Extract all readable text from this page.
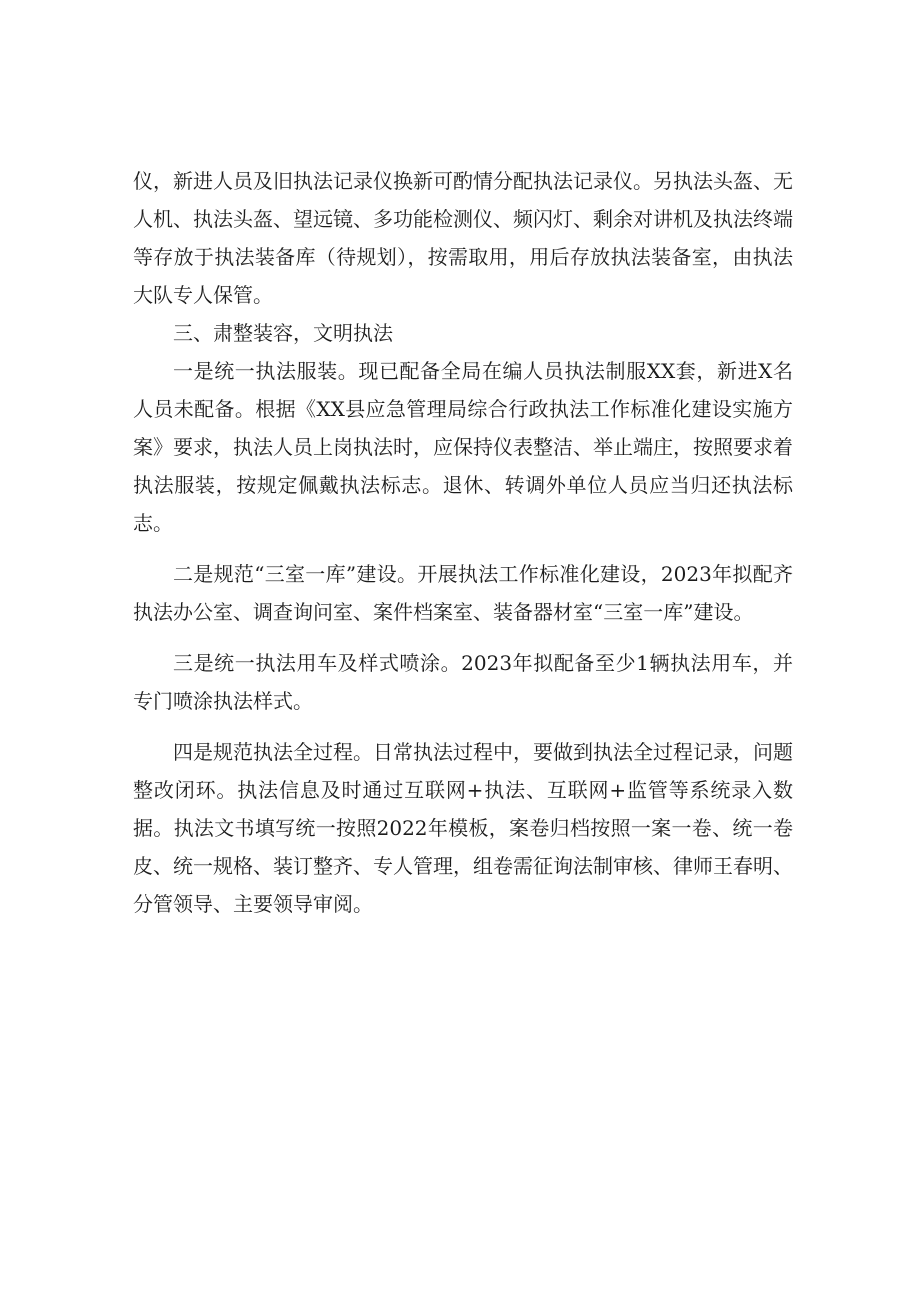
仪，新进人员及旧执法记录仪换新可酌情分配执法记录仪。另执法头盔、无人机、执法头盔、望远镜、多功能检测仪、频闪灯、剩余对讲机及执法终端等存放于执法装备库（待规划），按需取用，用后存放执法装备室，由执法大队专人保管。

三、肃整装容，文明执法

一是统一执法服装。现已配备全局在编人员执法制服XX套，新进X名人员未配备。根据《XX县应急管理局综合行政执法工作标准化建设实施方案》要求，执法人员上岗执法时，应保持仪表整洁、举止端庄，按照要求着执法服装，按规定佩戴执法标志。退休、转调外单位人员应当归还执法标志。

二是规范“三室一库”建设。开展执法工作标准化建设，2023年拟配齐执法办公室、调查询问室、案件档案室、装备器材室“三室一库”建设。

三是统一执法用车及样式喷涂。2023年拟配备至少1辆执法用车，并专门喷涂执法样式。

四是规范执法全过程。日常执法过程中，要做到执法全过程记录，问题整改闭环。执法信息及时通过互联网+执法、互联网+监管等系统录入数据。执法文书填写统一按照2022年模板，案卷归档按照一案一卷、统一卷皮、统一规格、装订整齐、专人管理，组卷需征询法制审核、律师王春明、分管领导、主要领导审阅。
